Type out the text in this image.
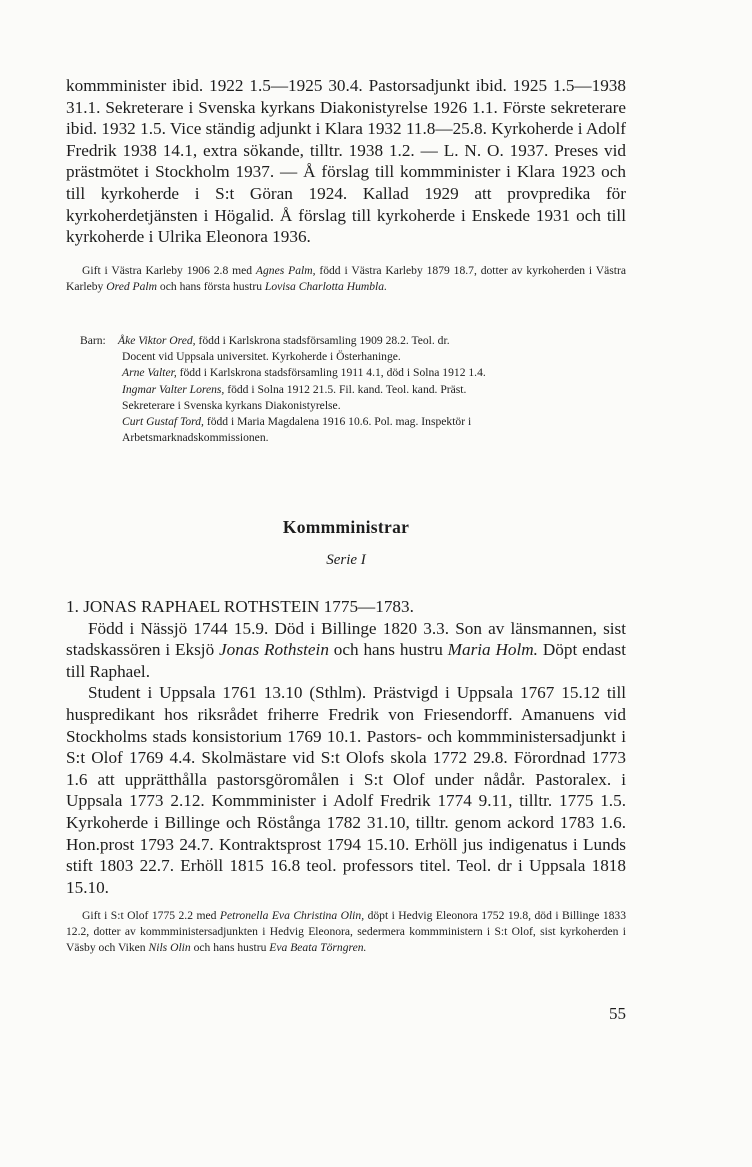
kommminister ibid. 1922 1.5—1925 30.4. Pastorsadjunkt ibid. 1925 1.5—1938 31.1. Sekreterare i Svenska kyrkans Diakonistyrelse 1926 1.1. Förste sekreterare ibid. 1932 1.5. Vice ständig adjunkt i Klara 1932 11.8—25.8. Kyrkoherde i Adolf Fredrik 1938 14.1, extra sökande, tilltr. 1938 1.2. — L. N. O. 1937. Preses vid prästmötet i Stockholm 1937. — Å förslag till kommminister i Klara 1923 och till kyrkoherde i S:t Göran 1924. Kallad 1929 att provpredika för kyrkoherdetjänsten i Högalid. Å förslag till kyrkoherde i Enskede 1931 och till kyrkoherde i Ulrika Eleonora 1936.

Gift i Västra Karleby 1906 2.8 med Agnes Palm, född i Västra Karleby 1879 18.7, dotter av kyrkoherden i Västra Karleby Ored Palm och hans första hustru Lovisa Charlotta Humbla.
Barn:	Åke Viktor Ored, född i Karlskrona stadsförsamling 1909 28.2. Teol. dr.
Docent vid Uppsala universitet. Kyrkoherde i Österhaninge.
Arne Valter, född i Karlskrona stadsförsamling 1911 4.1, död i Solna 1912 1.4.
Ingmar Valter Lorens, född i Solna 1912 21.5. Fil. kand. Teol. kand. Präst.
Sekreterare i Svenska kyrkans Diakonistyrelse.
Curt Gustaf Tord, född i Maria Magdalena 1916 10.6. Pol. mag. Inspektör i
Arbetsmarknadskommissionen.
Kommministrar
Serie I

1. JONAS RAPHAEL ROTHSTEIN 1775—1783.

Född i Nässjö 1744 15.9. Död i Billinge 1820 3.3. Son av länsmannen, sist stadskassören i Eksjö Jonas Rothstein och hans hustru Maria Holm. Döpt endast till Raphael.

Student i Uppsala 1761 13.10 (Sthlm). Prästvigd i Uppsala 1767 15.12 till huspredikant hos riksrådet friherre Fredrik von Friesendorff. Amanuens vid Stockholms stads konsistorium 1769 10.1. Pastors- och kommministersadjunkt i S:t Olof 1769 4.4. Skolmästare vid S:t Olofs skola 1772 29.8. Förordnad 1773 1.6 att upprätthålla pastorsgöromålen i S:t Olof under nådår. Pastoralex. i Uppsala 1773 2.12. Kommminister i Adolf Fredrik 1774 9.11, tilltr. 1775 1.5. Kyrkoherde i Billinge och Röstånga 1782 31.10, tilltr. genom ackord 1783 1.6. Hon.prost 1793 24.7. Kontraktsprost 1794 15.10. Erhöll jus indigenatus i Lunds stift 1803 22.7. Erhöll 1815 16.8 teol. professors titel. Teol. dr i Uppsala 1818 15.10.

Gift i S:t Olof 1775 2.2 med Petronella Eva Christina Olin, döpt i Hedvig Eleonora 1752 19.8, död i Billinge 1833 12.2, dotter av kommministersadjunkten i Hedvig Eleonora, sedermera kommministern i S:t Olof, sist kyrkoherden i Väsby och Viken Nils Olin och hans hustru Eva Beata Törngren.
55
